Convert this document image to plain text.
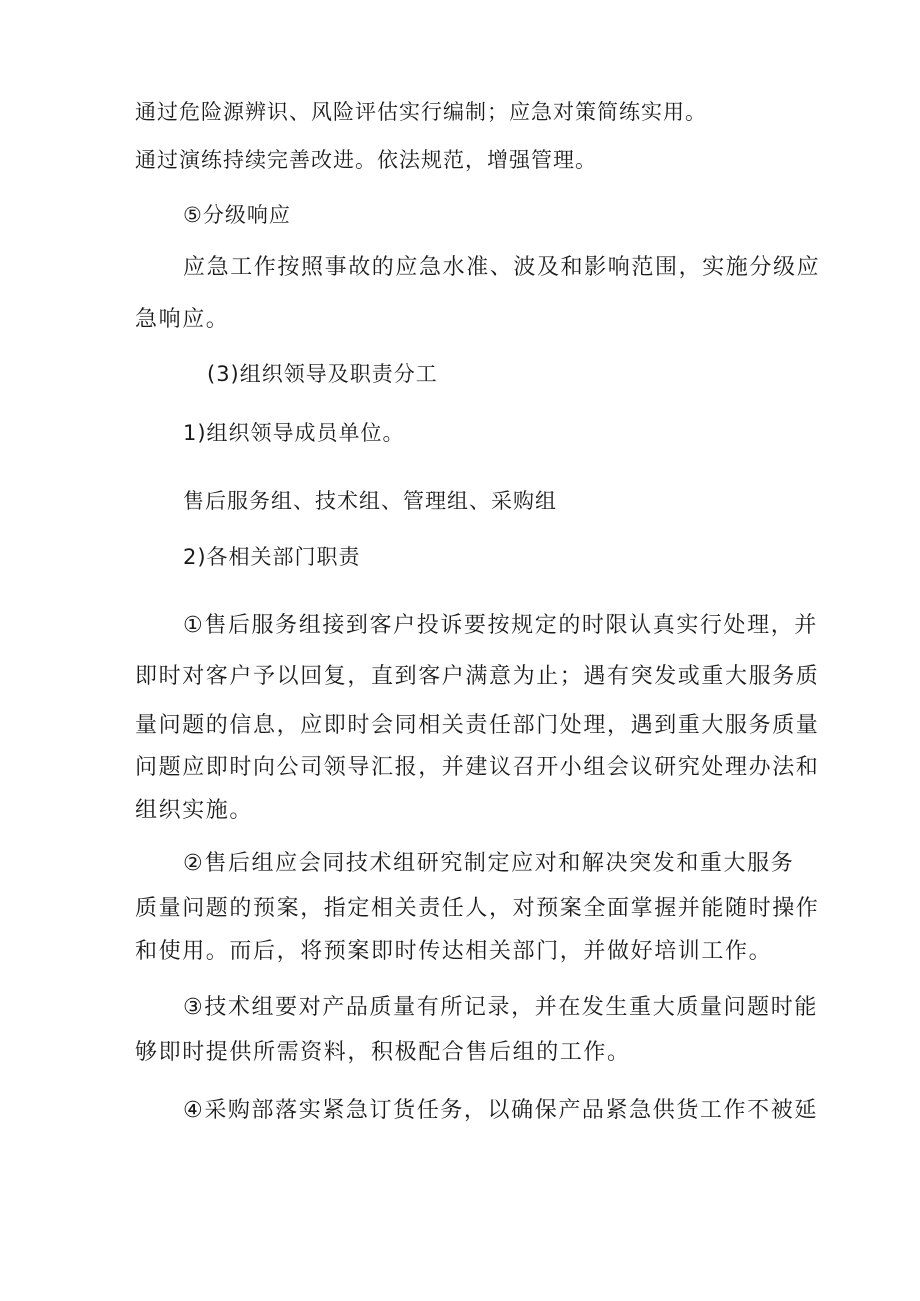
通过危险源辨识、风险评估实行编制；应急对策简练实用。

通过演练持续完善改进。依法规范，增强管理。

⑤分级响应

应急工作按照事故的应急水准、波及和影响范围，实施分级应

急响应。

(3)组织领导及职责分工

1)组织领导成员单位。

售后服务组、技术组、管理组、采购组

2)各相关部门职责

①售后服务组接到客户投诉要按规定的时限认真实行处理，并

即时对客户予以回复，直到客户满意为止；遇有突发或重大服务质

量问题的信息，应即时会同相关责任部门处理，遇到重大服务质量

问题应即时向公司领导汇报，并建议召开小组会议研究处理办法和

组织实施。

②售后组应会同技术组研究制定应对和解决突发和重大服务

质量问题的预案，指定相关责任人，对预案全面掌握并能随时操作

和使用。而后，将预案即时传达相关部门，并做好培训工作。

③技术组要对产品质量有所记录，并在发生重大质量问题时能

够即时提供所需资料，积极配合售后组的工作。

④采购部落实紧急订货任务，以确保产品紧急供货工作不被延
